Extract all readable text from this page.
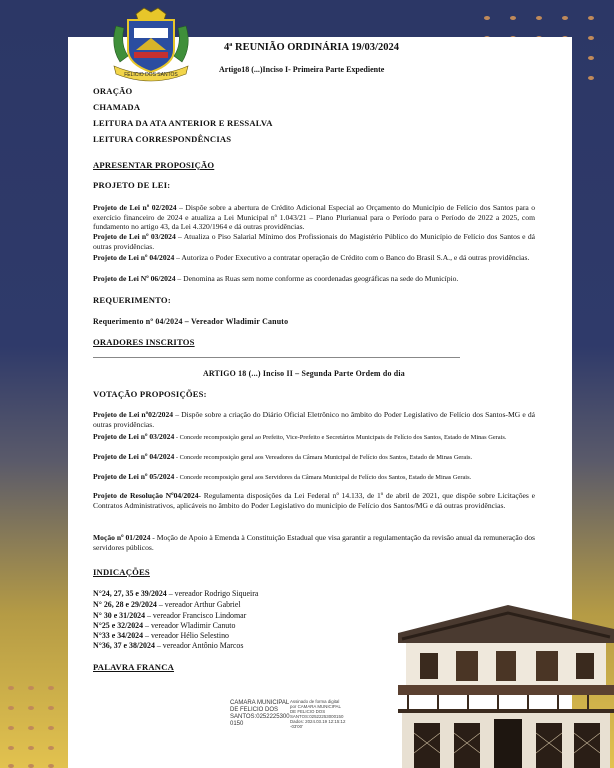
FELICIO DOS SANTOS
4ª REUNIÃO ORDINÁRIA 19/03/2024
Artigo18 (...)Inciso I- Primeira Parte Expediente
ORAÇÃO
CHAMADA
LEITURA DA ATA ANTERIOR E RESSALVA
LEITURA CORRESPONDÊNCIAS
APRESENTAR PROPOSIÇÃO
PROJETO DE LEI:
Projeto de Lei nº 02/2024 – Dispõe sobre a abertura de Crédito Adicional Especial ao Orçamento do Município de Felício dos Santos para o exercício financeiro de 2024 e atualiza a Lei Municipal nº 1.043/21 – Plano Plurianual para o Período para o Período de 2022 a 2025, com fundamento no artigo 43, da Lei 4.320/1964 e dá outras providências.
Projeto de Lei nº 03/2024 – Atualiza o Piso Salarial Mínimo dos Profissionais do Magistério Público do Município de Felício dos Santos e dá outras providências.
Projeto de Lei nº 04/2024 – Autoriza o Poder Executivo a contratar operação de Crédito com o Banco do Brasil S.A., e dá outras providências.
Projeto de Lei Nº 06/2024 – Denomina as Ruas sem nome conforme as coordenadas geográficas na sede do Município.
REQUERIMENTO:
Requerimento nº 04/2024 – Vereador Wladimir Canuto
ORADORES INSCRITOS
ARTIGO 18 (...) Inciso II – Segunda Parte Ordem do dia
VOTAÇÃO PROPOSIÇÕES:
Projeto de Lei nº02/2024 – Dispõe sobre a criação do Diário Oficial Eletrônico no âmbito do Poder Legislativo de Felício dos Santos-MG e dá outras providências.
Projeto de Lei nº 03/2024 - Concede recomposição geral ao Prefeito, Vice-Prefeito e Secretários Municipais de Felício dos Santos, Estado de Minas Gerais.
Projeto de Lei nº 04/2024 - Concede recomposição geral aos Vereadores da Câmara Municipal de Felício dos Santos, Estado de Minas Gerais.
Projeto de Lei nº 05/2024 - Concede recomposição geral aos Servidores da Câmara Municipal de Felício dos Santos, Estado de Minas Gerais.
Projeto de Resolução Nº04/2024- Regulamenta disposições da Lei Federal nº 14.133, de 1º de abril de 2021, que dispõe sobre Licitações e Contratos Administrativos, aplicáveis no âmbito do Poder Legislativo do município de Felício dos Santos/MG e dá outras providências.
Moção nº 01/2024 - Moção de Apoio à Emenda à Constituição Estadual que visa garantir a regulamentação da revisão anual da remuneração dos servidores públicos.
INDICAÇÕES
N°24, 27, 35 e 39/2024 – vereador Rodrigo Siqueira
N° 26, 28 e 29/2024 – vereador Arthur Gabriel
N° 30 e 31/2024 – vereador Francisco Lindomar
N°25 e 32/2024 – vereador Wladimir Canuto
N°33 e 34/2024 – vereador Hélio Selestino
N°36, 37 e 38/2024 – vereador Antônio Marcos
PALAVRA FRANCA
CAMARA MUNICIPAL
DE FELICIO DOS
SANTOS:0252225300
0150
Assinado de forma digital
por CAMARA MUNICIPAL
DE FELICIO DOS
SANTOS:02522253000150
Dados: 2024.03.19 12:15:12
-03'00'
